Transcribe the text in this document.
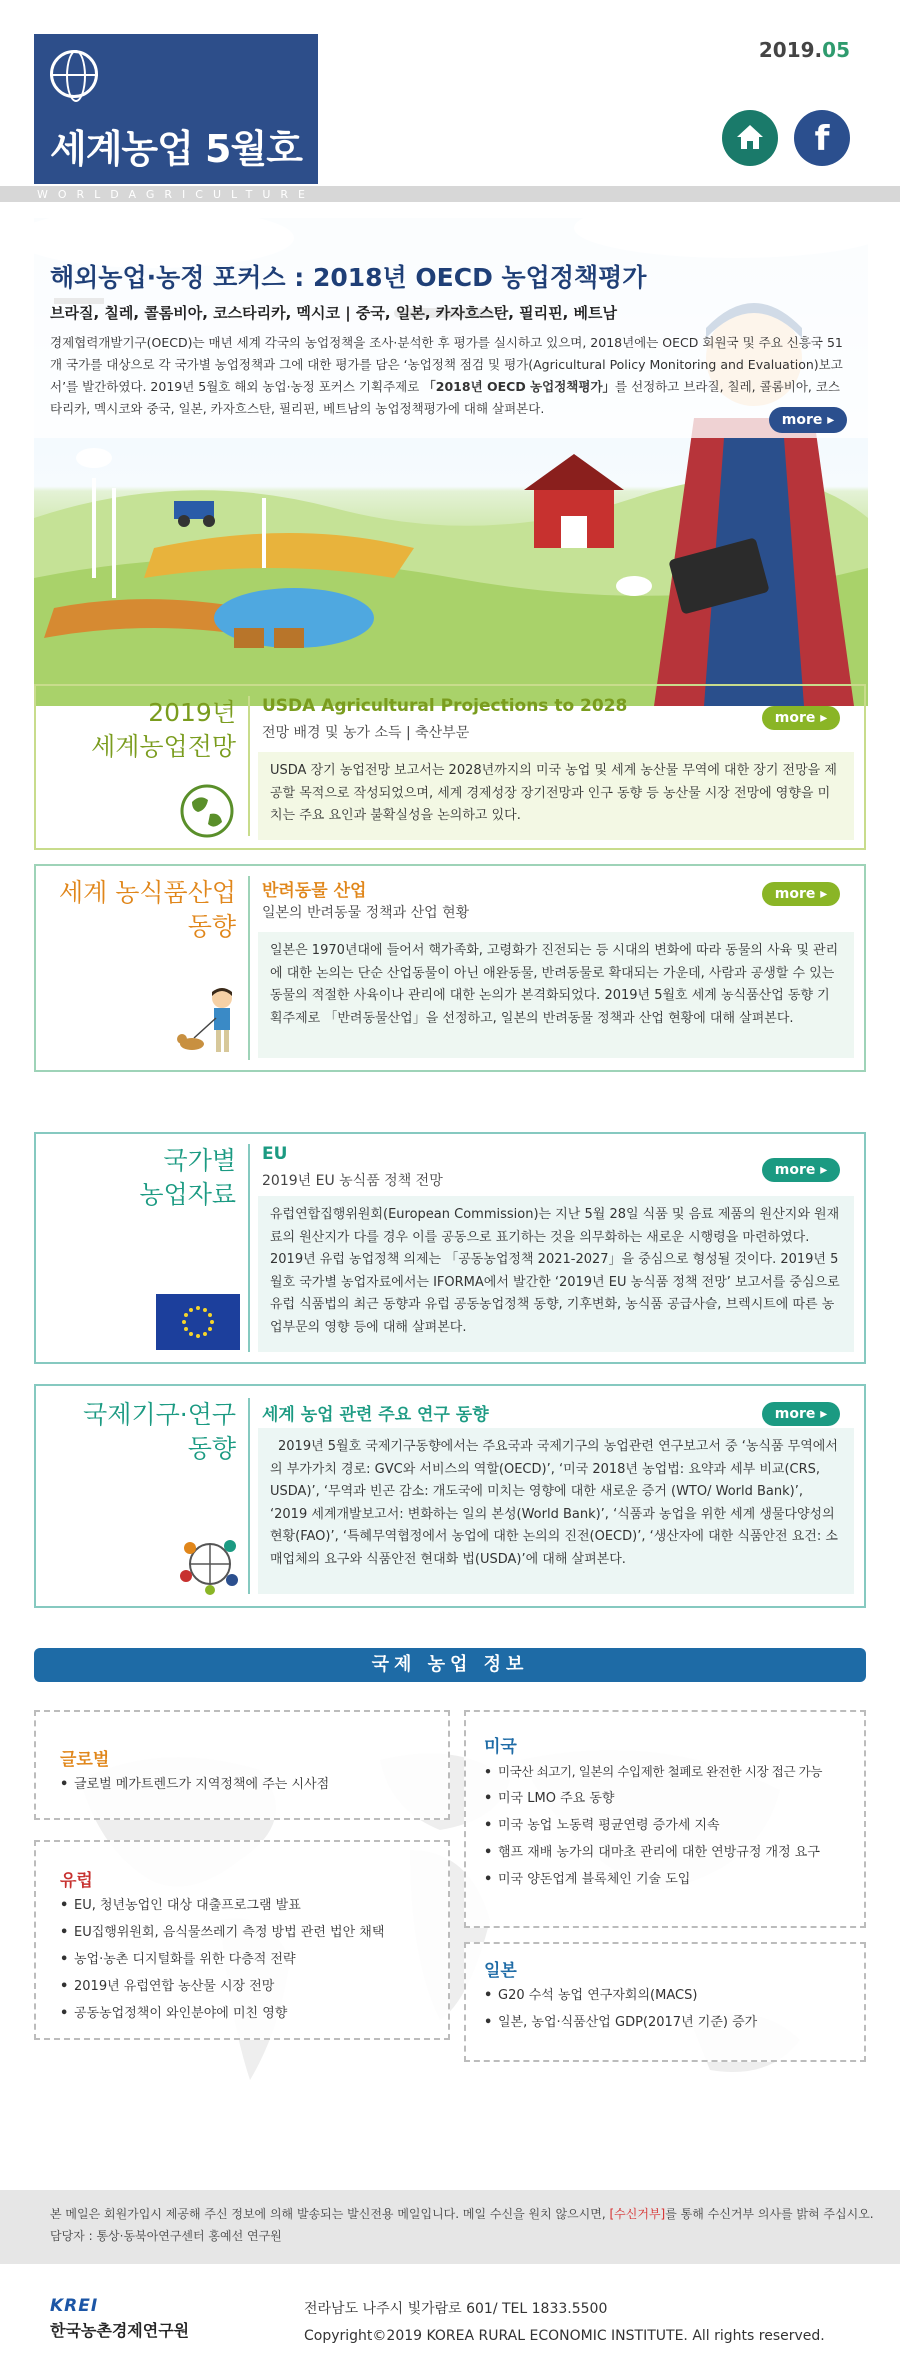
세계농업 5월호
WORLDAGRICULTURE
2019.05
f
해외농업·농정 포커스 : 2018년 OECD 농업정책평가
브라질, 칠레, 콜롬비아, 코스타리카, 멕시코 | 중국, 일본, 카자흐스탄, 필리핀, 베트남
경제협력개발기구(OECD)는 매년 세계 각국의 농업정책을 조사·분석한 후 평가를 실시하고 있으며, 2018년에는 OECD 회원국 및 주요 신흥국 51개 국가를 대상으로 각 국가별 농업정책과 그에 대한 평가를 담은 ‘농업정책 점검 및 평가(Agricultural Policy Monitoring and Evaluation)보고서’를 발간하였다. 2019년 5월호 해외 농업·농정 포커스 기획주제로 「2018년 OECD 농업정책평가」를 선정하고 브라질, 칠레, 콜롬비아, 코스타리카, 멕시코와 중국, 일본, 카자흐스탄, 필리핀, 베트남의 농업정책평가에 대해 살펴본다.
more ▸
2019년
세계농업전망
USDA Agricultural Projections to 2028
전망 배경 및 농가 소득 | 축산부문
more ▸
USDA 장기 농업전망 보고서는 2028년까지의 미국 농업 및 세계 농산물 무역에 대한 장기 전망을 제공할 목적으로 작성되었으며, 세계 경제성장 장기전망과 인구 동향 등 농산물 시장 전망에 영향을 미치는 주요 요인과 불확실성을 논의하고 있다.
세계 농식품산업
동향
반려동물 산업
일본의 반려동물 정책과 산업 현황
more ▸
일본은 1970년대에 들어서 핵가족화, 고령화가 진전되는 등 시대의 변화에 따라 동물의 사육 및 관리에 대한 논의는 단순 산업동물이 아닌 애완동물, 반려동물로 확대되는 가운데, 사람과 공생할 수 있는 동물의 적절한 사육이나 관리에 대한 논의가 본격화되었다. 2019년 5월호 세계 농식품산업 동향 기획주제로 「반려동물산업」을 선정하고, 일본의 반려동물 정책과 산업 현황에 대해 살펴본다.
국가별
농업자료
EU
2019년 EU 농식품 정책 전망
more ▸
유럽연합집행위원회(European Commission)는 지난 5월 28일 식품 및 음료 제품의 원산지와 원재료의 원산지가 다를 경우 이를 공동으로 표기하는 것을 의무화하는 새로운 시행령을 마련하였다. 2019년 유럽 농업정책 의제는 「공동농업정책 2021-2027」을 중심으로 형성될 것이다. 2019년 5월호 국가별 농업자료에서는 IFORMA에서 발간한 ‘2019년 EU 농식품 정책 전망’ 보고서를 중심으로 유럽 식품법의 최근 동향과 유럽 공동농업정책 동향, 기후변화, 농식품 공급사슬, 브렉시트에 따른 농업부문의 영향 등에 대해 살펴본다.
국제기구·연구
동향
세계 농업 관련 주요 연구 동향	more ▸
2019년 5월호 국제기구동향에서는 주요국과 국제기구의 농업관련 연구보고서 중 ‘농식품 무역에서의 부가가치 경로: GVC와 서비스의 역할(OECD)’, ‘미국 2018년 농업법: 요약과 세부 비교(CRS, USDA)’, ‘무역과 빈곤 감소: 개도국에 미치는 영향에 대한 새로운 증거 (WTO/ World Bank)’, ‘2019 세계개발보고서: 변화하는 일의 본성(World Bank)’, ‘식품과 농업을 위한 세계 생물다양성의 현황(FAO)’, ‘특혜무역협정에서 농업에 대한 논의의 진전(OECD)’, ‘생산자에 대한 식품안전 요건: 소매업체의 요구와 식품안전 현대화 법(USDA)’에 대해 살펴본다.
국제 농업 정보
글로벌
• 글로벌 메가트렌드가 지역정책에 주는 시사점
유럽
• EU, 청년농업인 대상 대출프로그램 발표
• EU집행위원회, 음식물쓰레기 측정 방법 관련 법안 채택
• 농업·농촌 디지털화를 위한 다층적 전략
• 2019년 유럽연합 농산물 시장 전망
• 공동농업정책이 와인분야에 미친 영향
미국
• 미국산 쇠고기, 일본의 수입제한 철폐로 완전한 시장 접근 가능
• 미국 LMO 주요 동향
• 미국 농업 노동력 평균연령 증가세 지속
• 햄프 재배 농가의 대마초 관리에 대한 연방규정 개정 요구
• 미국 양돈업계 블록체인 기술 도입
일본
• G20 수석 농업 연구자회의(MACS)
• 일본, 농업·식품산업 GDP(2017년 기준) 증가
본 메일은 회원가입시 제공해 주신 정보에 의해 발송되는 발신전용 메일입니다. 메일 수신을 원치 않으시면, [수신거부]를 통해 수신거부 의사를 밝혀 주십시오.
담당자 : 통상·동북아연구센터 홍예선 연구원
KREI
한국농촌경제연구원
전라남도 나주시 빛가람로 601/ TEL 1833.5500
Copyright©2019 KOREA RURAL ECONOMIC INSTITUTE. All rights reserved.
